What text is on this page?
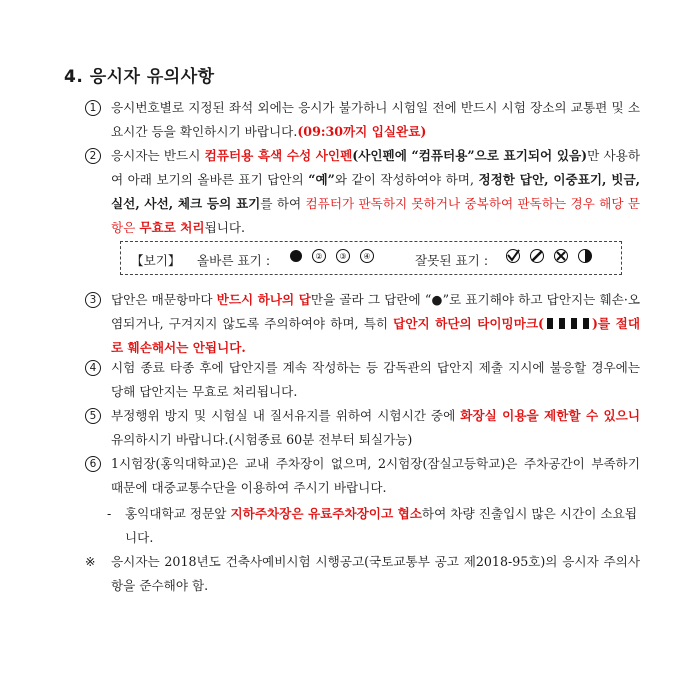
4. 응시자 유의사항
1	응시번호별로 지정된 좌석 외에는 응시가 불가하니 시험일 전에 반드시 시험 장소의 교통편 및 소요시간 등을 확인하시기 바랍니다.(09:30까지 입실완료)
2	응시자는 반드시 컴퓨터용 흑색 수성 사인펜(사인펜에 “컴퓨터용”으로 표기되어 있음)만 사용하여 아래 보기의 올바른 표기 답안의 “예”와 같이 작성하여야 하며, 정정한 답안, 이중표기, 빗금, 실선, 사선, 체크 등의 표기를 하여 컴퓨터가 판독하지 못하거나 중복하여 판독하는 경우 해당 문항은 무효로 처리됩니다.
【보기】 올바른 표기 :
	②
③
④	잘못된 표기 :

3	답안은 매문항마다 반드시 하나의 답만을 골라 그 답란에 “●”로 표기해야 하고 답안지는 훼손·오염되거나, 구겨지지 않도록 주의하여야 하며, 특히 답안지 하단의 타이밍마크(	)를 절대로 훼손해서는 안됩니다.
4	시험 종료 타종 후에 답안지를 계속 작성하는 등 감독관의 답안지 제출 지시에 불응할 경우에는 당해 답안지는 무효로 처리됩니다.
5	부정행위 방지 및 시험실 내 질서유지를 위하여 시험시간 중에 화장실 이용을 제한할 수 있으니 유의하시기 바랍니다.(시험종료 60분 전부터 퇴실가능)
6	1시험장(홍익대학교)은 교내 주차장이 없으며, 2시험장(잠실고등학교)은 주차공간이 부족하기 때문에 대중교통수단을 이용하여 주시기 바랍니다.
- 홍익대학교 정문앞 지하주차장은 유료주차장이고 협소하여 차량 진출입시 많은 시간이 소요됩니다.
※	응시자는 2018년도 건축사예비시험 시행공고(국토교통부 공고 제2018-95호)의 응시자 주의사항을 준수해야 함.
